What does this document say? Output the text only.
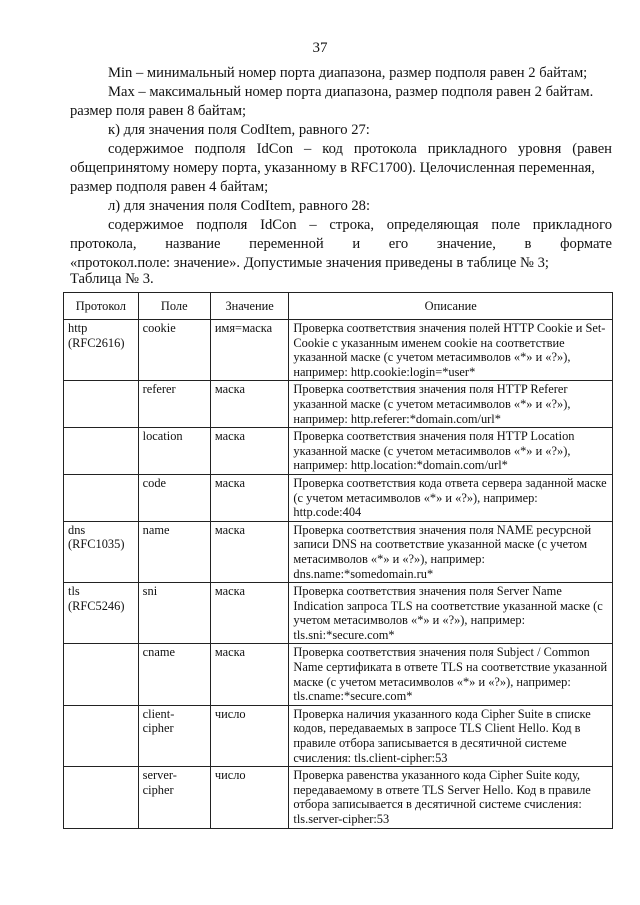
37

Min – минимальный номер порта диапазона, размер подполя равен 2 байтам;

Max – максимальный номер порта диапазона, размер подполя равен 2 байтам.

размер поля равен 8 байтам;

к) для значения поля CodItem, равного 27:

содержимое подполя IdCon – код протокола прикладного уровня (равен

общепринятому номеру порта, указанному в RFC1700). Целочисленная переменная,

размер подполя равен 4 байтам;

л) для значения поля CodItem, равного 28:

содержимое подполя IdCon – строка, определяющая поле прикладного

протокола, название переменной и его значение, в формате

«протокол.поле: значение». Допустимые значения приведены в таблице № 3;

Таблица № 3.
Протокол	Поле	Значение	Описание
http
(RFC2616)	cookie	имя=маска	Проверка соответствия значения полей HTTP Cookie и Set-Cookie с указанным именем cookie на соответствие указанной маске (с учетом метасимволов «*» и «?»), например: http.cookie:login=*user*
	referer	маска	Проверка соответствия значения поля HTTP Referer указанной маске (с учетом метасимволов «*» и «?»), например: http.referer:*domain.com/url*
	location	маска	Проверка соответствия значения поля HTTP Location указанной маске (с учетом метасимволов «*» и «?»), например: http.location:*domain.com/url*
	code	маска	Проверка соответствия кода ответа сервера заданной маске (с учетом метасимволов «*» и «?»), например: http.code:404
dns
(RFC1035)	name	маска	Проверка соответствия значения поля NAME ресурсной записи DNS на соответствие указанной маске (с учетом метасимволов «*» и «?»), например: dns.name:*somedomain.ru*
tls
(RFC5246)	sni	маска	Проверка соответствия значения поля Server Name Indication запроса TLS на соответствие указанной маске (с учетом метасимволов «*» и «?»), например: tls.sni:*secure.com*
	cname	маска	Проверка соответствия значения поля Subject / Common Name сертификата в ответе TLS на соответствие указанной маске (с учетом метасимволов «*» и «?»), например: tls.cname:*secure.com*
	client-
cipher	число	Проверка наличия указанного кода Cipher Suite в списке кодов, передаваемых в запросе TLS Client Hello. Код в правиле отбора записывается в десятичной системе счисления: tls.client-cipher:53
	server-
cipher	число	Проверка равенства указанного кода Cipher Suite коду, передаваемому в ответе TLS Server Hello. Код в правиле отбора записывается в десятичной системе счисления: tls.server-cipher:53
